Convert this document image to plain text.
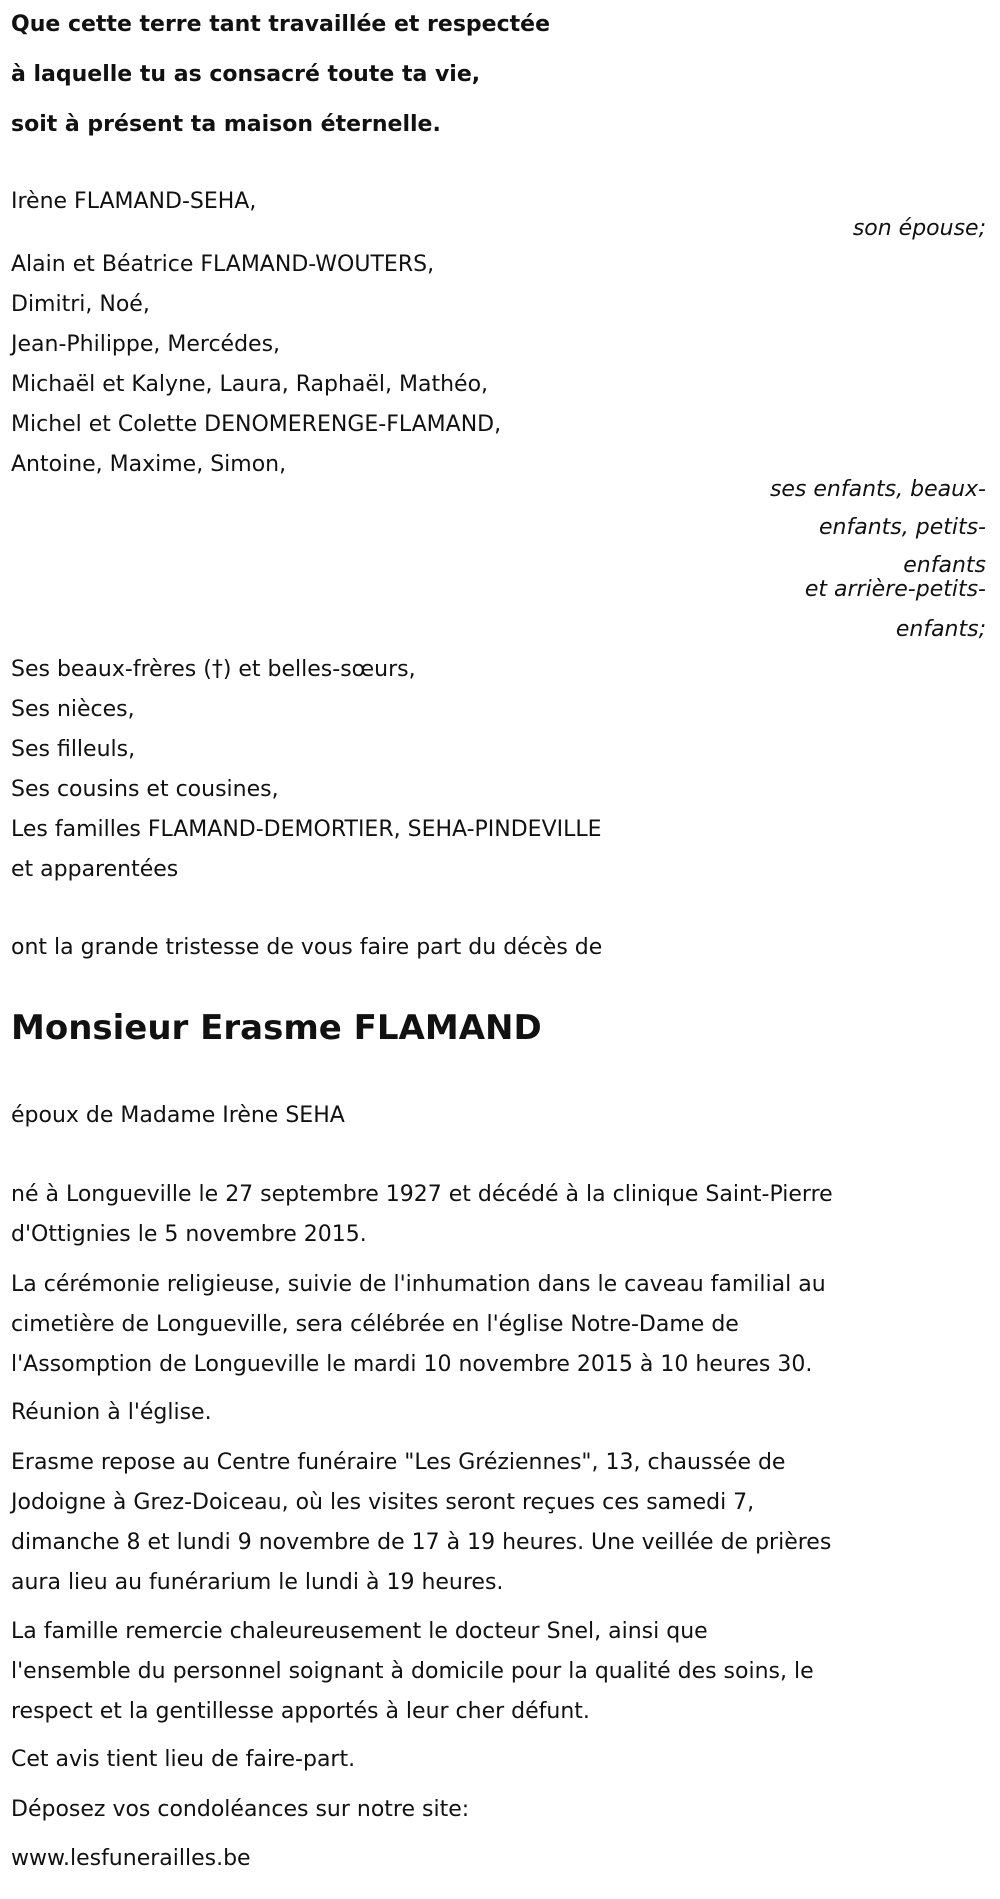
Que cette terre tant travaillée et respectée
à laquelle tu as consacré toute ta vie,
soit à présent ta maison éternelle.
Irène FLAMAND-SEHA,
son épouse;
Alain et Béatrice FLAMAND-WOUTERS,
Dimitri, Noé,
Jean-Philippe, Mercédes,
Michaël et Kalyne, Laura, Raphaël, Mathéo,
Michel et Colette DENOMERENGE-FLAMAND,
Antoine, Maxime, Simon,
ses enfants, beaux-
enfants, petits-
enfants
et arrière-petits-
enfants;
Ses beaux-frères (†) et belles-sœurs,
Ses nièces,
Ses filleuls,
Ses cousins et cousines,
Les familles FLAMAND-DEMORTIER, SEHA-PINDEVILLE
et apparentées
ont la grande tristesse de vous faire part du décès de
Monsieur Erasme FLAMAND
époux de Madame Irène SEHA
né à Longueville le 27 septembre 1927 et décédé à la clinique Saint-Pierre
d'Ottignies le 5 novembre 2015.
La cérémonie religieuse, suivie de l'inhumation dans le caveau familial au
cimetière de Longueville, sera célébrée en l'église Notre-Dame de
l'Assomption de Longueville le mardi 10 novembre 2015 à 10 heures 30.
Réunion à l'église.
Erasme repose au Centre funéraire "Les Gréziennes", 13, chaussée de
Jodoigne à Grez-Doiceau, où les visites seront reçues ces samedi 7,
dimanche 8 et lundi 9 novembre de 17 à 19 heures. Une veillée de prières
aura lieu au funérarium le lundi à 19 heures.
La famille remercie chaleureusement le docteur Snel, ainsi que
l'ensemble du personnel soignant à domicile pour la qualité des soins, le
respect et la gentillesse apportés à leur cher défunt.
Cet avis tient lieu de faire-part.
Déposez vos condoléances sur notre site:
www.lesfunerailles.be
